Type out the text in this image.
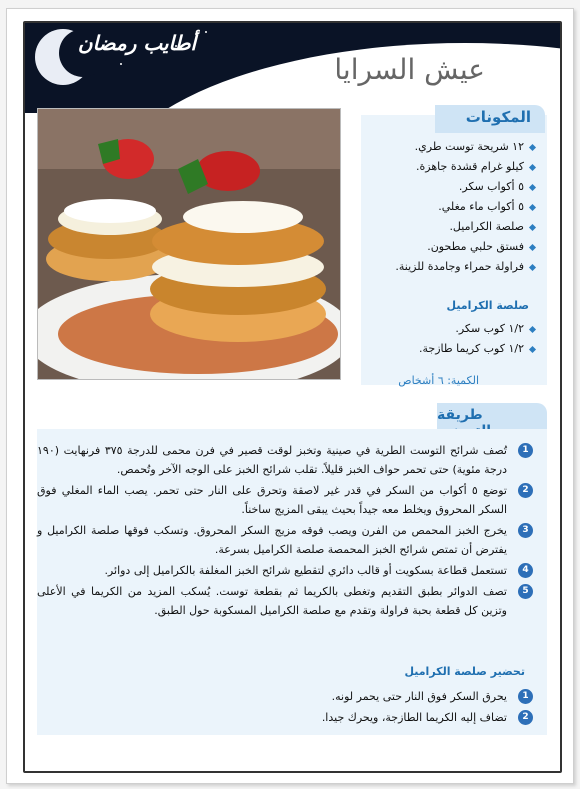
أطايب رمضان
عيش السرايا
المكونات
١٢ شريحة توست طري.
كيلو غرام قشدة جاهزة.
٥ أكواب سكر.
٥ أكواب ماء مغلي.
صلصة الكراميل.
فستق حلبي مطحون.
فراولة حمراء وجامدة للزينة.
صلصة الكراميل
١/٢ كوب سكر.
١/٢ كوب كريما طازجة.
الكمية: ٦ أشخاص
طريقة
1
تُصف شرائح التوست الطرية في صينية وتخبز لوقت قصير في فرن محمى للدرجة ٣٧٥ فرنهايت (١٩٠ درجة مئوية) حتى تحمر حواف الخبز قليلاً. تقلب شرائح الخبز على الوجه الآخر وتُحمص.
2
توضع ٥ أكواب من السكر في قدر غير لاصقة وتحرق على النار حتى تحمر. يصب الماء المغلي فوق السكر المحروق ويخلط معه جيداً بحيث يبقى المزيج ساخناً.
3
يخرج الخبز المحمص من الفرن ويصب فوقه مزيج السكر المحروق. وتسكب فوقها صلصة الكراميل و يفترض أن تمتص شرائح الخبز المحمصة صلصة الكراميل بسرعة.
4
تستعمل قطاعة بسكويت أو قالب دائري لتقطيع شرائح الخبز المغلفة بالكراميل إلى دوائر.
5
تصف الدوائر بطبق التقديم وتغطى بالكريما ثم بقطعة توست. يُسكب المزيد من الكريما في الأعلى وتزين كل قطعة بحبة فراولة وتقدم مع صلصة الكراميل المسكوبة حول الطبق.
تحضير صلصة الكراميل
1
يحرق السكر فوق النار حتى يحمر لونه.
2
تضاف إليه الكريما الطازجة، ويحرك جيدا.
